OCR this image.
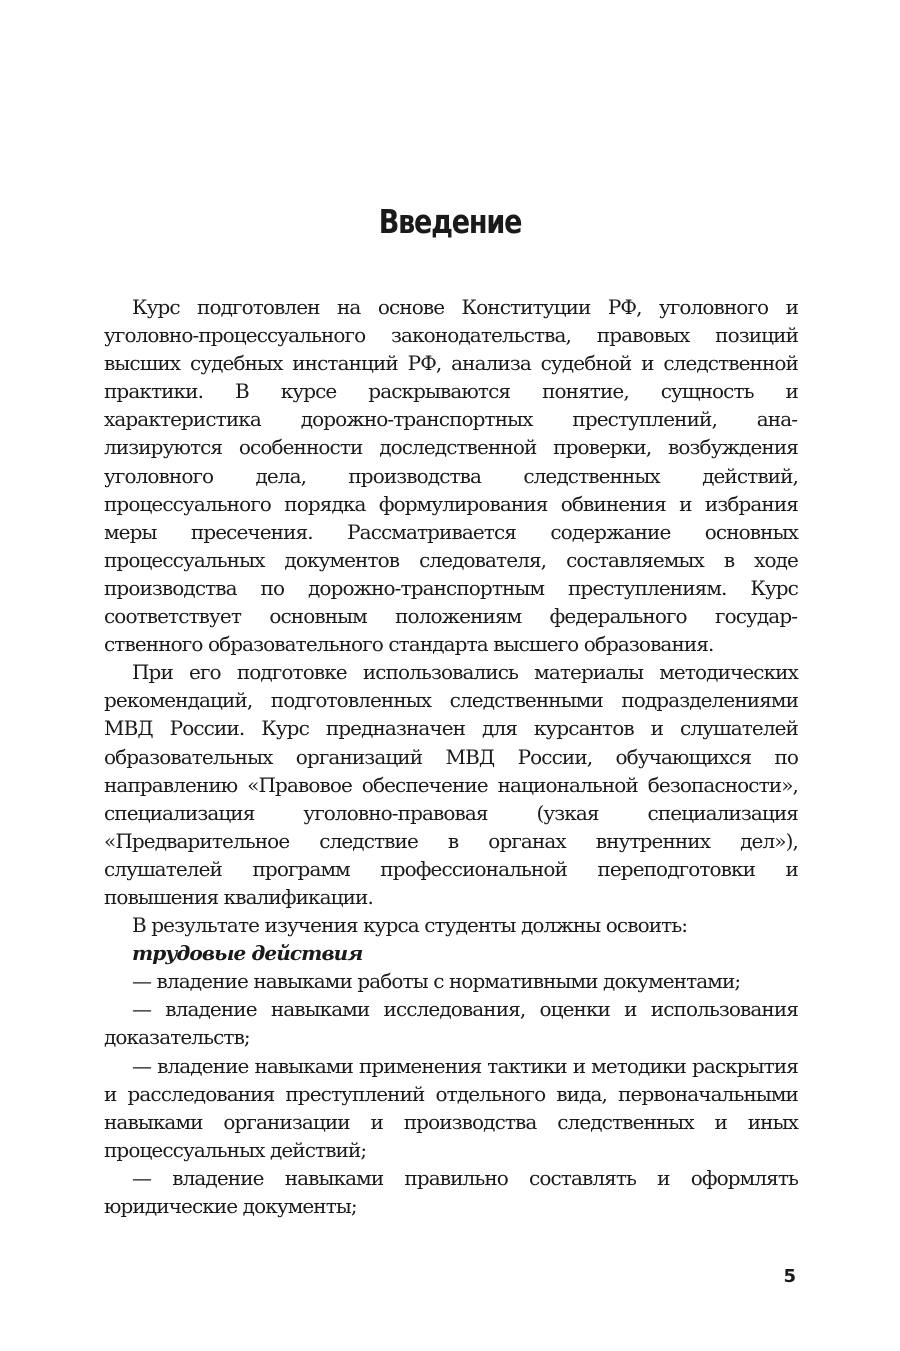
Введение

Курс подготовлен на основе Конституции РФ, уголовного и уголовно-процессуального законодательства, правовых позиций высших судебных инстанций РФ, анализа судебной и следственной практики. В курсе раскрываются понятие, сущность и характеристика дорожно-транспортных преступлений, анализируются особенности доследственной проверки, возбуждения уголовного дела, производства следственных действий, процессуального порядка формулирования обвинения и избрания меры пресечения. Рассматривается содержание основных процессуальных документов следователя, составляемых в ходе производства по дорожно-транспортным преступлениям. Курс соответствует основным положениям федерального государственного образовательного стандарта высшего образования.

При его подготовке использовались материалы методических рекомендаций, подготовленных следственными подразделениями МВД России. Курс предназначен для курсантов и слушателей образовательных организаций МВД России, обучающихся по направлению «Правовое обеспечение национальной безопасности», специализация уголовно-правовая (узкая специализация «Предварительное следствие в органах внутренних дел»), слушателей программ профессиональной переподготовки и повышения квалификации.

В результате изучения курса студенты должны освоить:

трудовые действия

— владение навыками работы с нормативными документами;

— владение навыками исследования, оценки и использования доказательств;

— владение навыками применения тактики и методики раскрытия и расследования преступлений отдельного вида, первоначальными навыками организации и производства следственных и иных процессуальных действий;

— владение навыками правильно составлять и оформлять юридические документы;

5
